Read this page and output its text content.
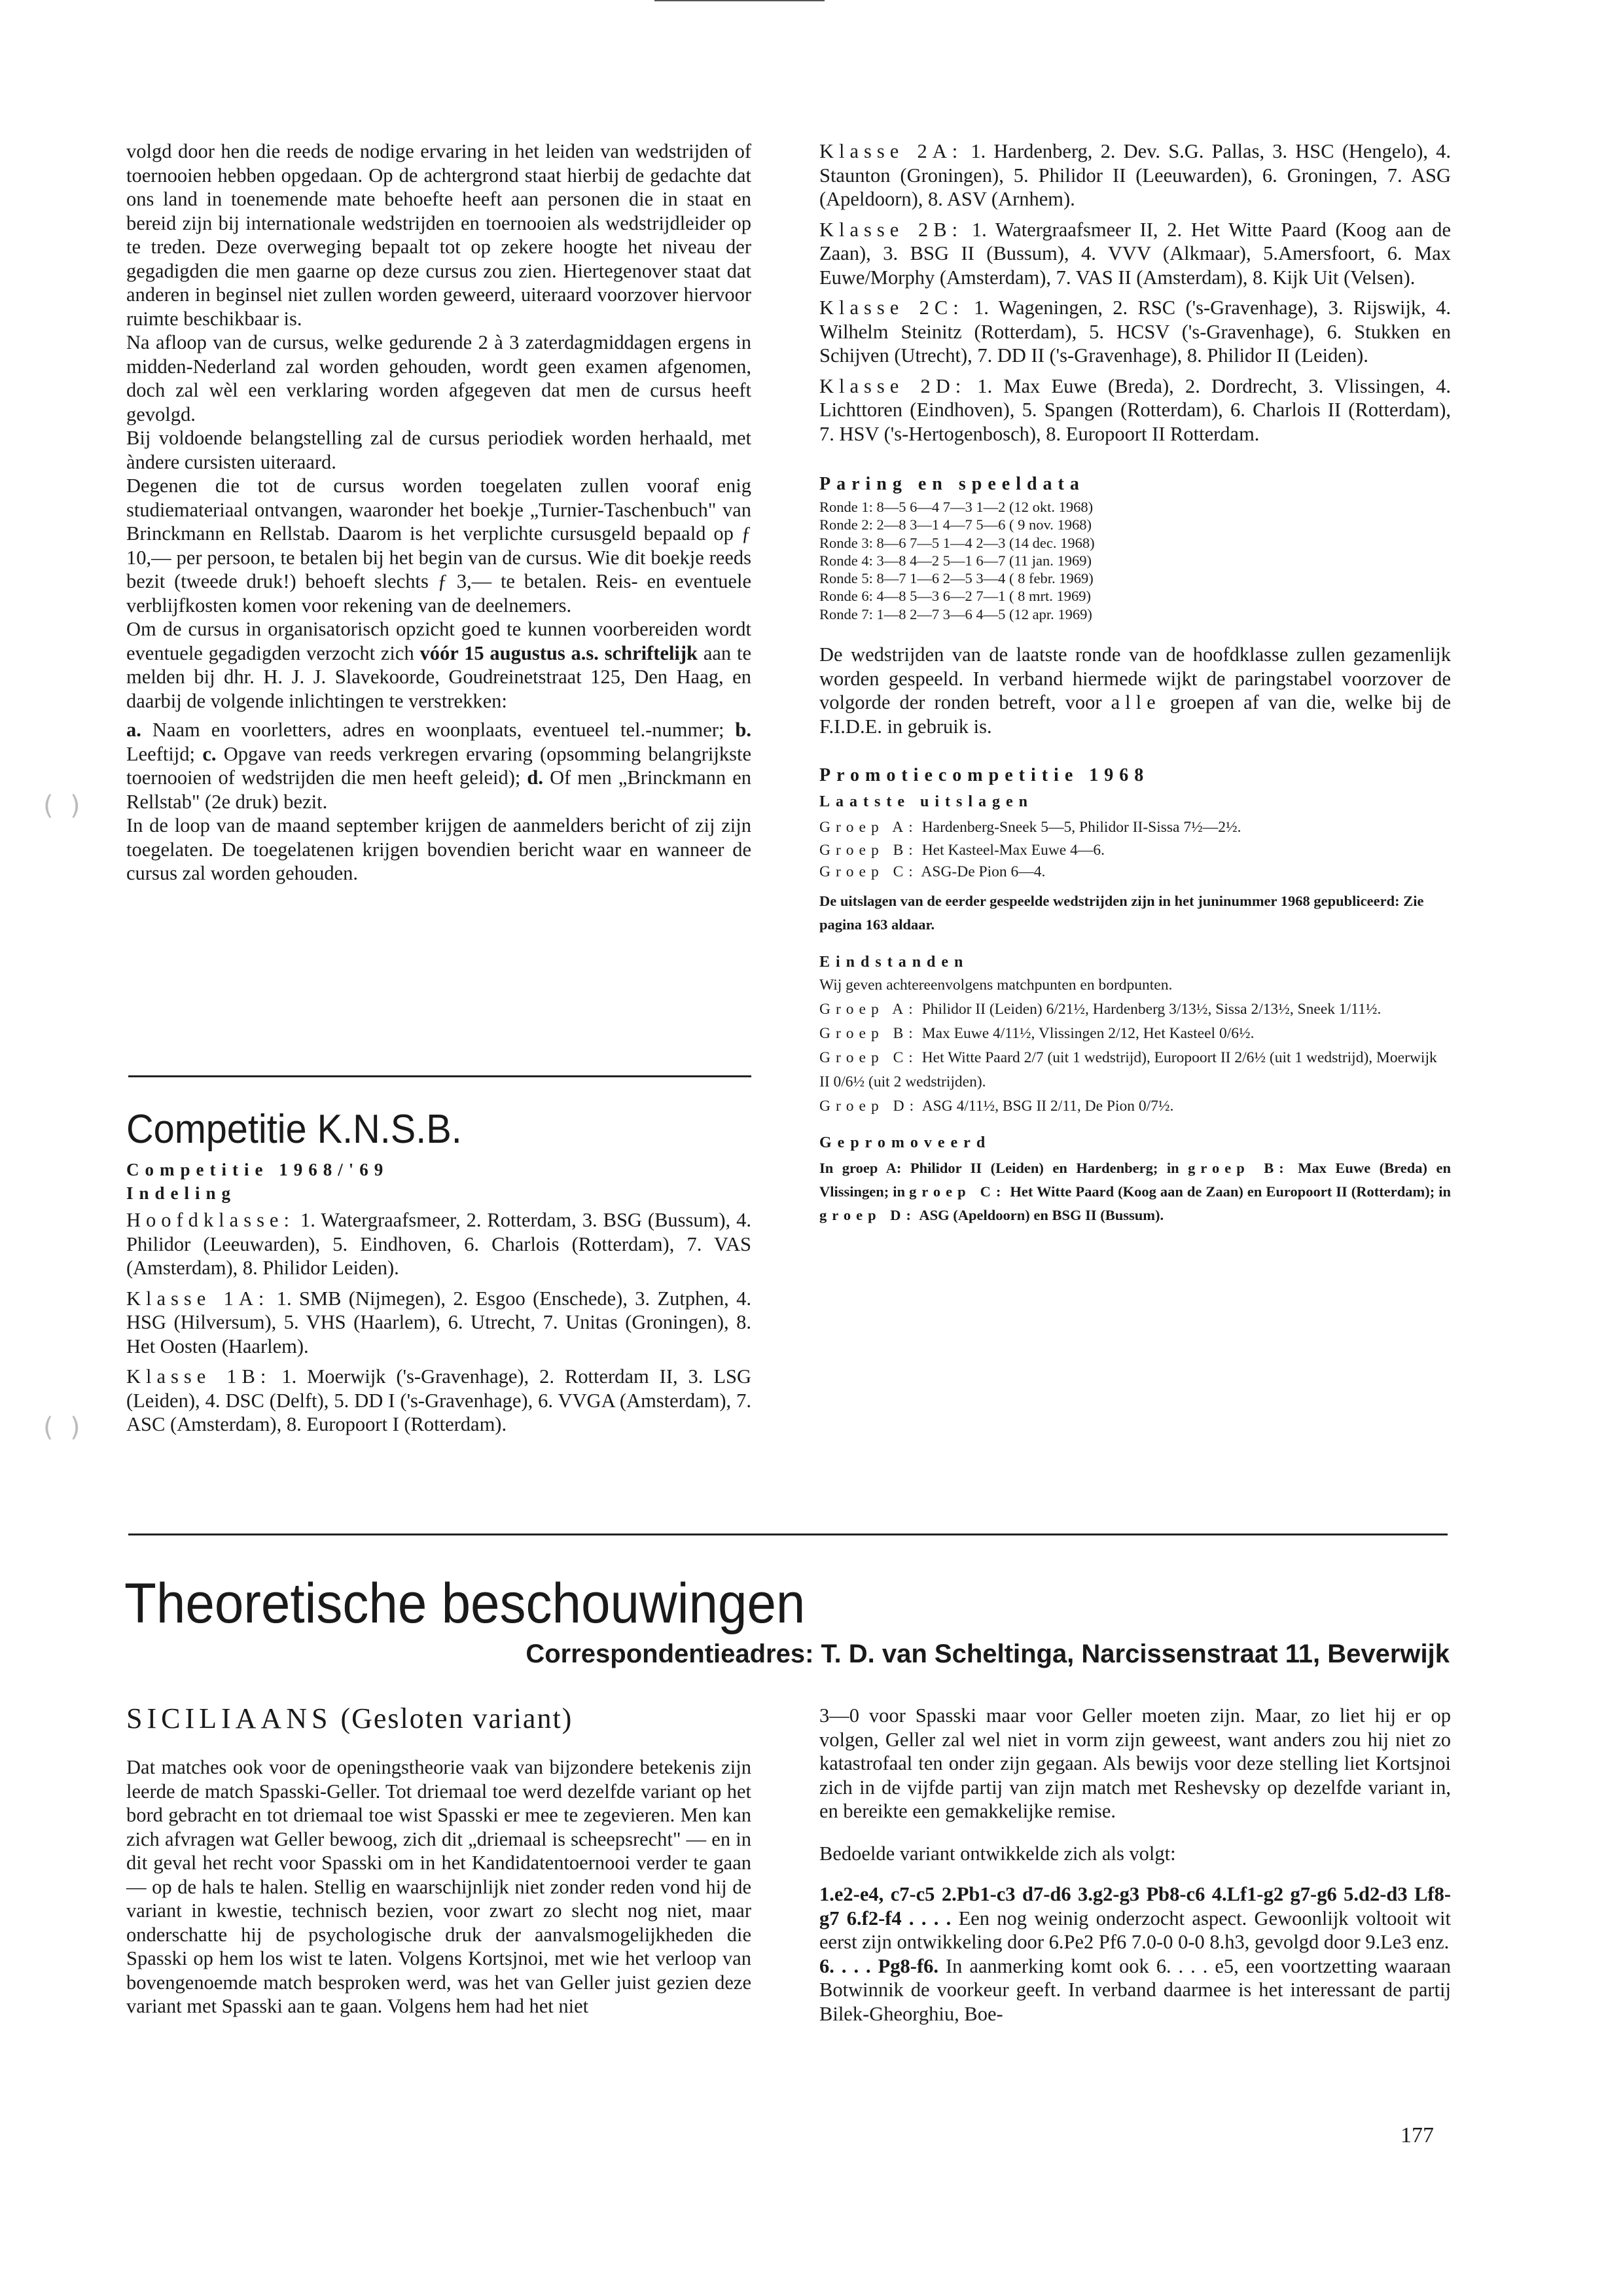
(  )
(  )

volgd door hen die reeds de nodige ervaring in het leiden van wedstrijden of toernooien hebben opgedaan. Op de achtergrond staat hierbij de gedachte dat ons land in toenemende mate behoefte heeft aan personen die in staat en bereid zijn bij internationale wedstrijden en toernooien als wedstrijdleider op te treden. Deze overweging bepaalt tot op zekere hoogte het niveau der gegadigden die men gaarne op deze cursus zou zien. Hiertegenover staat dat anderen in beginsel niet zullen worden geweerd, uiteraard voorzover hiervoor ruimte beschikbaar is.

Na afloop van de cursus, welke gedurende 2 à 3 zaterdagmiddagen ergens in midden-Nederland zal worden gehouden, wordt geen examen afgenomen, doch zal wèl een verklaring worden afgegeven dat men de cursus heeft gevolgd.

Bij voldoende belangstelling zal de cursus periodiek worden herhaald, met àndere cursisten uiteraard.

Degenen die tot de cursus worden toegelaten zullen vooraf enig studiemateriaal ontvangen, waaronder het boekje „Turnier-Taschenbuch" van Brinckmann en Rellstab. Daarom is het verplichte cursusgeld bepaald op ƒ 10,— per persoon, te betalen bij het begin van de cursus. Wie dit boekje reeds bezit (tweede druk!) behoeft slechts ƒ 3,— te betalen. Reis- en eventuele verblijfkosten komen voor rekening van de deelnemers.

Om de cursus in organisatorisch opzicht goed te kunnen voorbereiden wordt eventuele gegadigden verzocht zich vóór 15 augustus a.s. schriftelijk aan te melden bij dhr. H. J. J. Slavekoorde, Goudreinetstraat 125, Den Haag, en daarbij de volgende inlichtingen te verstrekken:

a. Naam en voorletters, adres en woonplaats, eventueel tel.-nummer; b. Leeftijd; c. Opgave van reeds verkregen ervaring (opsomming belangrijkste toernooien of wedstrijden die men heeft geleid); d. Of men „Brinckmann en Rellstab" (2e druk) bezit.

In de loop van de maand september krijgen de aanmelders bericht of zij zijn toegelaten. De toegelatenen krijgen bovendien bericht waar en wanneer de cursus zal worden gehouden.

Competitie K.N.S.B.
Competitie 1968/'69
Indeling

Hoofdklasse: 1. Watergraafsmeer, 2. Rotterdam, 3. BSG (Bussum), 4. Philidor (Leeuwarden), 5. Eindhoven, 6. Charlois (Rotterdam), 7. VAS (Amsterdam), 8. Philidor Leiden).

Klasse 1A: 1. SMB (Nijmegen), 2. Esgoo (Enschede), 3. Zutphen, 4. HSG (Hilversum), 5. VHS (Haarlem), 6. Utrecht, 7. Unitas (Groningen), 8. Het Oosten (Haarlem).

Klasse 1B: 1. Moerwijk ('s-Gravenhage), 2. Rotterdam II, 3. LSG (Leiden), 4. DSC (Delft), 5. DD I ('s-Gravenhage), 6. VVGA (Amsterdam), 7. ASC (Amsterdam), 8. Europoort I (Rotterdam).

Klasse 2A: 1. Hardenberg, 2. Dev. S.G. Pallas, 3. HSC (Hengelo), 4. Staunton (Groningen), 5. Philidor II (Leeuwarden), 6. Groningen, 7. ASG (Apeldoorn), 8. ASV (Arnhem).

Klasse 2B: 1. Watergraafsmeer II, 2. Het Witte Paard (Koog aan de Zaan), 3. BSG II (Bussum), 4. VVV (Alkmaar), 5.Amersfoort, 6. Max Euwe/Morphy (Amsterdam), 7. VAS II (Amsterdam), 8. Kijk Uit (Velsen).

Klasse 2C: 1. Wageningen, 2. RSC ('s-Gravenhage), 3. Rijswijk, 4. Wilhelm Steinitz (Rotterdam), 5. HCSV ('s-Gravenhage), 6. Stukken en Schijven (Utrecht), 7. DD II ('s-Gravenhage), 8. Philidor II (Leiden).

Klasse 2D: 1. Max Euwe (Breda), 2. Dordrecht, 3. Vlissingen, 4. Lichttoren (Eindhoven), 5. Spangen (Rotterdam), 6. Charlois II (Rotterdam), 7. HSV ('s-Hertogenbosch), 8. Europoort II Rotterdam.

Paring en speeldata
Ronde 1: 8—5 6—4 7—3 1—2 (12 okt. 1968)
Ronde 2: 2—8 3—1 4—7 5—6 ( 9 nov. 1968)
Ronde 3: 8—6 7—5 1—4 2—3 (14 dec. 1968)
Ronde 4: 3—8 4—2 5—1 6—7 (11 jan. 1969)
Ronde 5: 8—7 1—6 2—5 3—4 ( 8 febr. 1969)
Ronde 6: 4—8 5—3 6—2 7—1 ( 8 mrt. 1969)
Ronde 7: 1—8 2—7 3—6 4—5 (12 apr. 1969)

De wedstrijden van de laatste ronde van de hoofdklasse zullen gezamenlijk worden gespeeld. In verband hiermede wijkt de paringstabel voorzover de volgorde der ronden betreft, voor alle groepen af van die, welke bij de F.I.D.E. in gebruik is.

Promotiecompetitie 1968
Laatste uitslagen

Groep A: Hardenberg-Sneek 5—5, Philidor II-Sissa 7½—2½.

Groep B: Het Kasteel-Max Euwe 4—6.

Groep C: ASG-De Pion 6—4.

De uitslagen van de eerder gespeelde wedstrijden zijn in het juninummer 1968 gepubliceerd: Zie pagina 163 aldaar.

Eindstanden

Wij geven achtereenvolgens matchpunten en bordpunten.

Groep A: Philidor II (Leiden) 6/21½, Hardenberg 3/13½, Sissa 2/13½, Sneek 1/11½.

Groep B: Max Euwe 4/11½, Vlissingen 2/12, Het Kasteel 0/6½.

Groep C: Het Witte Paard 2/7 (uit 1 wedstrijd), Europoort II 2/6½ (uit 1 wedstrijd), Moerwijk II 0/6½ (uit 2 wedstrijden).

Groep D: ASG 4/11½, BSG II 2/11, De Pion 0/7½.

Gepromoveerd

In groep A: Philidor II (Leiden) en Hardenberg; in groep B: Max Euwe (Breda) en Vlissingen; in groep C: Het Witte Paard (Koog aan de Zaan) en Europoort II (Rotterdam); in groep D: ASG (Apeldoorn) en BSG II (Bussum).

Theoretische beschouwingen
Correspondentieadres: T. D. van Scheltinga, Narcissenstraat 11, Beverwijk
SICILIAANS (Gesloten variant)

Dat matches ook voor de openingstheorie vaak van bijzondere betekenis zijn leerde de match Spasski-Geller. Tot driemaal toe werd dezelfde variant op het bord gebracht en tot driemaal toe wist Spasski er mee te zegevieren. Men kan zich afvragen wat Geller bewoog, zich dit „driemaal is scheepsrecht" — en in dit geval het recht voor Spasski om in het Kandidatentoernooi verder te gaan — op de hals te halen. Stellig en waarschijnlijk niet zonder reden vond hij de variant in kwestie, technisch bezien, voor zwart zo slecht nog niet, maar onderschatte hij de psychologische druk der aanvalsmogelijkheden die Spasski op hem los wist te laten. Volgens Kortsjnoi, met wie het verloop van bovengenoemde match besproken werd, was het van Geller juist gezien deze variant met Spasski aan te gaan. Volgens hem had het niet

3—0 voor Spasski maar voor Geller moeten zijn. Maar, zo liet hij er op volgen, Geller zal wel niet in vorm zijn geweest, want anders zou hij niet zo katastrofaal ten onder zijn gegaan. Als bewijs voor deze stelling liet Kortsjnoi zich in de vijfde partij van zijn match met Reshevsky op dezelfde variant in, en bereikte een gemakkelijke remise.

Bedoelde variant ontwikkelde zich als volgt:

1.e2-e4, c7-c5 2.Pb1-c3 d7-d6 3.g2-g3 Pb8-c6 4.Lf1-g2 g7-g6 5.d2-d3 Lf8-g7 6.f2-f4 . . . . Een nog weinig onderzocht aspect. Gewoonlijk voltooit wit eerst zijn ontwikkeling door 6.Pe2 Pf6 7.0-0 0-0 8.h3, gevolgd door 9.Le3 enz.

6. . . . Pg8-f6. In aanmerking komt ook 6. . . . e5, een voortzetting waaraan Botwinnik de voorkeur geeft. In verband daarmee is het interessant de partij Bilek-Gheorghiu, Boe-

177
